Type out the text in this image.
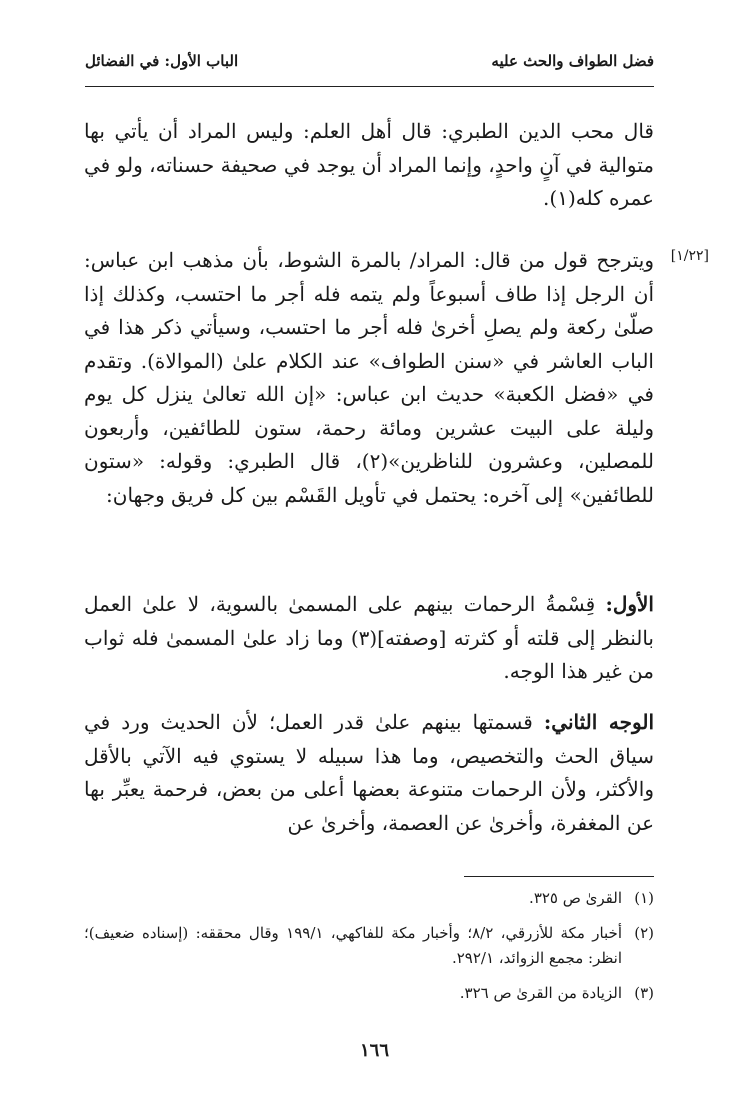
فضل الطواف والحث عليه
الباب الأول: في الفضائل

قال محب الدين الطبري: قال أهل العلم: وليس المراد أن يأتي بها متوالية في آنٍ واحدٍ، وإنما المراد أن يوجد في صحيفة حسناته، ولو في عمره كله(١).

[١/٢٢]

ويترجح قول من قال: المراد/ بالمرة الشوط، بأن مذهب ابن عباس: أن الرجل إذا طاف أسبوعاً ولم يتمه فله أجر ما احتسب، وكذلك إذا صلّىٰ ركعة ولم يصلِ أخرىٰ فله أجر ما احتسب، وسيأتي ذكر هذا في الباب العاشر في «سنن الطواف» عند الكلام علىٰ (الموالاة). وتقدم في «فضل الكعبة» حديث ابن عباس: «إن الله تعالىٰ ينزل كل يوم وليلة على البيت عشرين ومائة رحمة، ستون للطائفين، وأربعون للمصلين، وعشرون للناظرين»(٢)، قال الطبري: وقوله: «ستون للطائفين» إلى آخره: يحتمل في تأويل القَسْم بين كل فريق وجهان:

الأول: قِسْمةُ الرحمات بينهم على المسمىٰ بالسوية، لا علىٰ العمل بالنظر إلى قلته أو كثرته [وصفته](٣) وما زاد علىٰ المسمىٰ فله ثواب من غير هذا الوجه.

الوجه الثاني: قسمتها بينهم علىٰ قدر العمل؛ لأن الحديث ورد في سياق الحث والتخصيص، وما هذا سبيله لا يستوي فيه الآتي بالأقل والأكثر، ولأن الرحمات متنوعة بعضها أعلى من بعض، فرحمة يعبِّر بها عن المغفرة، وأخرىٰ عن العصمة، وأخرىٰ عن

(١)
القرىٰ ص ٣٢٥.
(٢)
أخبار مكة للأزرقي، ٨/٢؛ وأخبار مكة للفاكهي، ١٩٩/١ وقال محققه: (إسناده ضعيف)؛ انظر: مجمع الزوائد، ٢٩٢/١.
(٣)
الزيادة من القرىٰ ص ٣٢٦.
١٦٦
